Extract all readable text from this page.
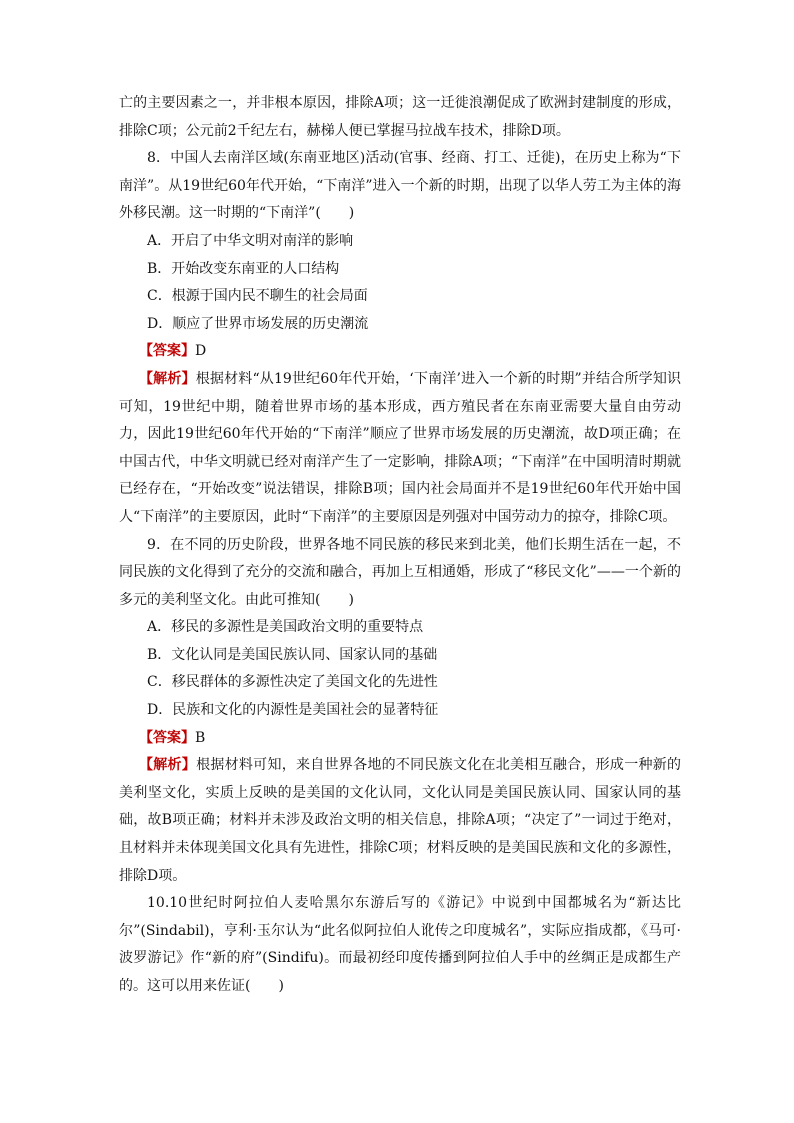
亡的主要因素之一，并非根本原因，排除A项；这一迁徙浪潮促成了欧洲封建制度的形成，排除C项；公元前2千纪左右，赫梯人便已掌握马拉战车技术，排除D项。

8．中国人去南洋区域(东南亚地区)活动(官事、经商、打工、迁徙)，在历史上称为“下南洋”。从19世纪60年代开始，“下南洋”进入一个新的时期，出现了以华人劳工为主体的海外移民潮。这一时期的“下南洋”(　　)

A．开启了中华文明对南洋的影响

B．开始改变东南亚的人口结构

C．根源于国内民不聊生的社会局面

D．顺应了世界市场发展的历史潮流

【答案】D

【解析】根据材料“从19世纪60年代开始，‘下南洋’进入一个新的时期”并结合所学知识可知，19世纪中期，随着世界市场的基本形成，西方殖民者在东南亚需要大量自由劳动力，因此19世纪60年代开始的“下南洋”顺应了世界市场发展的历史潮流，故D项正确；在中国古代，中华文明就已经对南洋产生了一定影响，排除A项；“下南洋”在中国明清时期就已经存在，“开始改变”说法错误，排除B项；国内社会局面并不是19世纪60年代开始中国人“下南洋”的主要原因，此时“下南洋”的主要原因是列强对中国劳动力的掠夺，排除C项。

9．在不同的历史阶段，世界各地不同民族的移民来到北美，他们长期生活在一起，不同民族的文化得到了充分的交流和融合，再加上互相通婚，形成了“移民文化”——一个新的多元的美利坚文化。由此可推知(　　)

A．移民的多源性是美国政治文明的重要特点

B．文化认同是美国民族认同、国家认同的基础

C．移民群体的多源性决定了美国文化的先进性

D．民族和文化的内源性是美国社会的显著特征

【答案】B

【解析】根据材料可知，来自世界各地的不同民族文化在北美相互融合，形成一种新的美利坚文化，实质上反映的是美国的文化认同，文化认同是美国民族认同、国家认同的基础，故B项正确；材料并未涉及政治文明的相关信息，排除A项；“决定了”一词过于绝对，且材料并未体现美国文化具有先进性，排除C项；材料反映的是美国民族和文化的多源性，排除D项。

10.10世纪时阿拉伯人麦哈黑尔东游后写的《游记》中说到中国都城名为“新达比尔”(Sindabil)，亨利·玉尔认为“此名似阿拉伯人讹传之印度城名”，实际应指成都，《马可·波罗游记》作“新的府”(Sindifu)。而最初经印度传播到阿拉伯人手中的丝绸正是成都生产的。这可以用来佐证(　　)
